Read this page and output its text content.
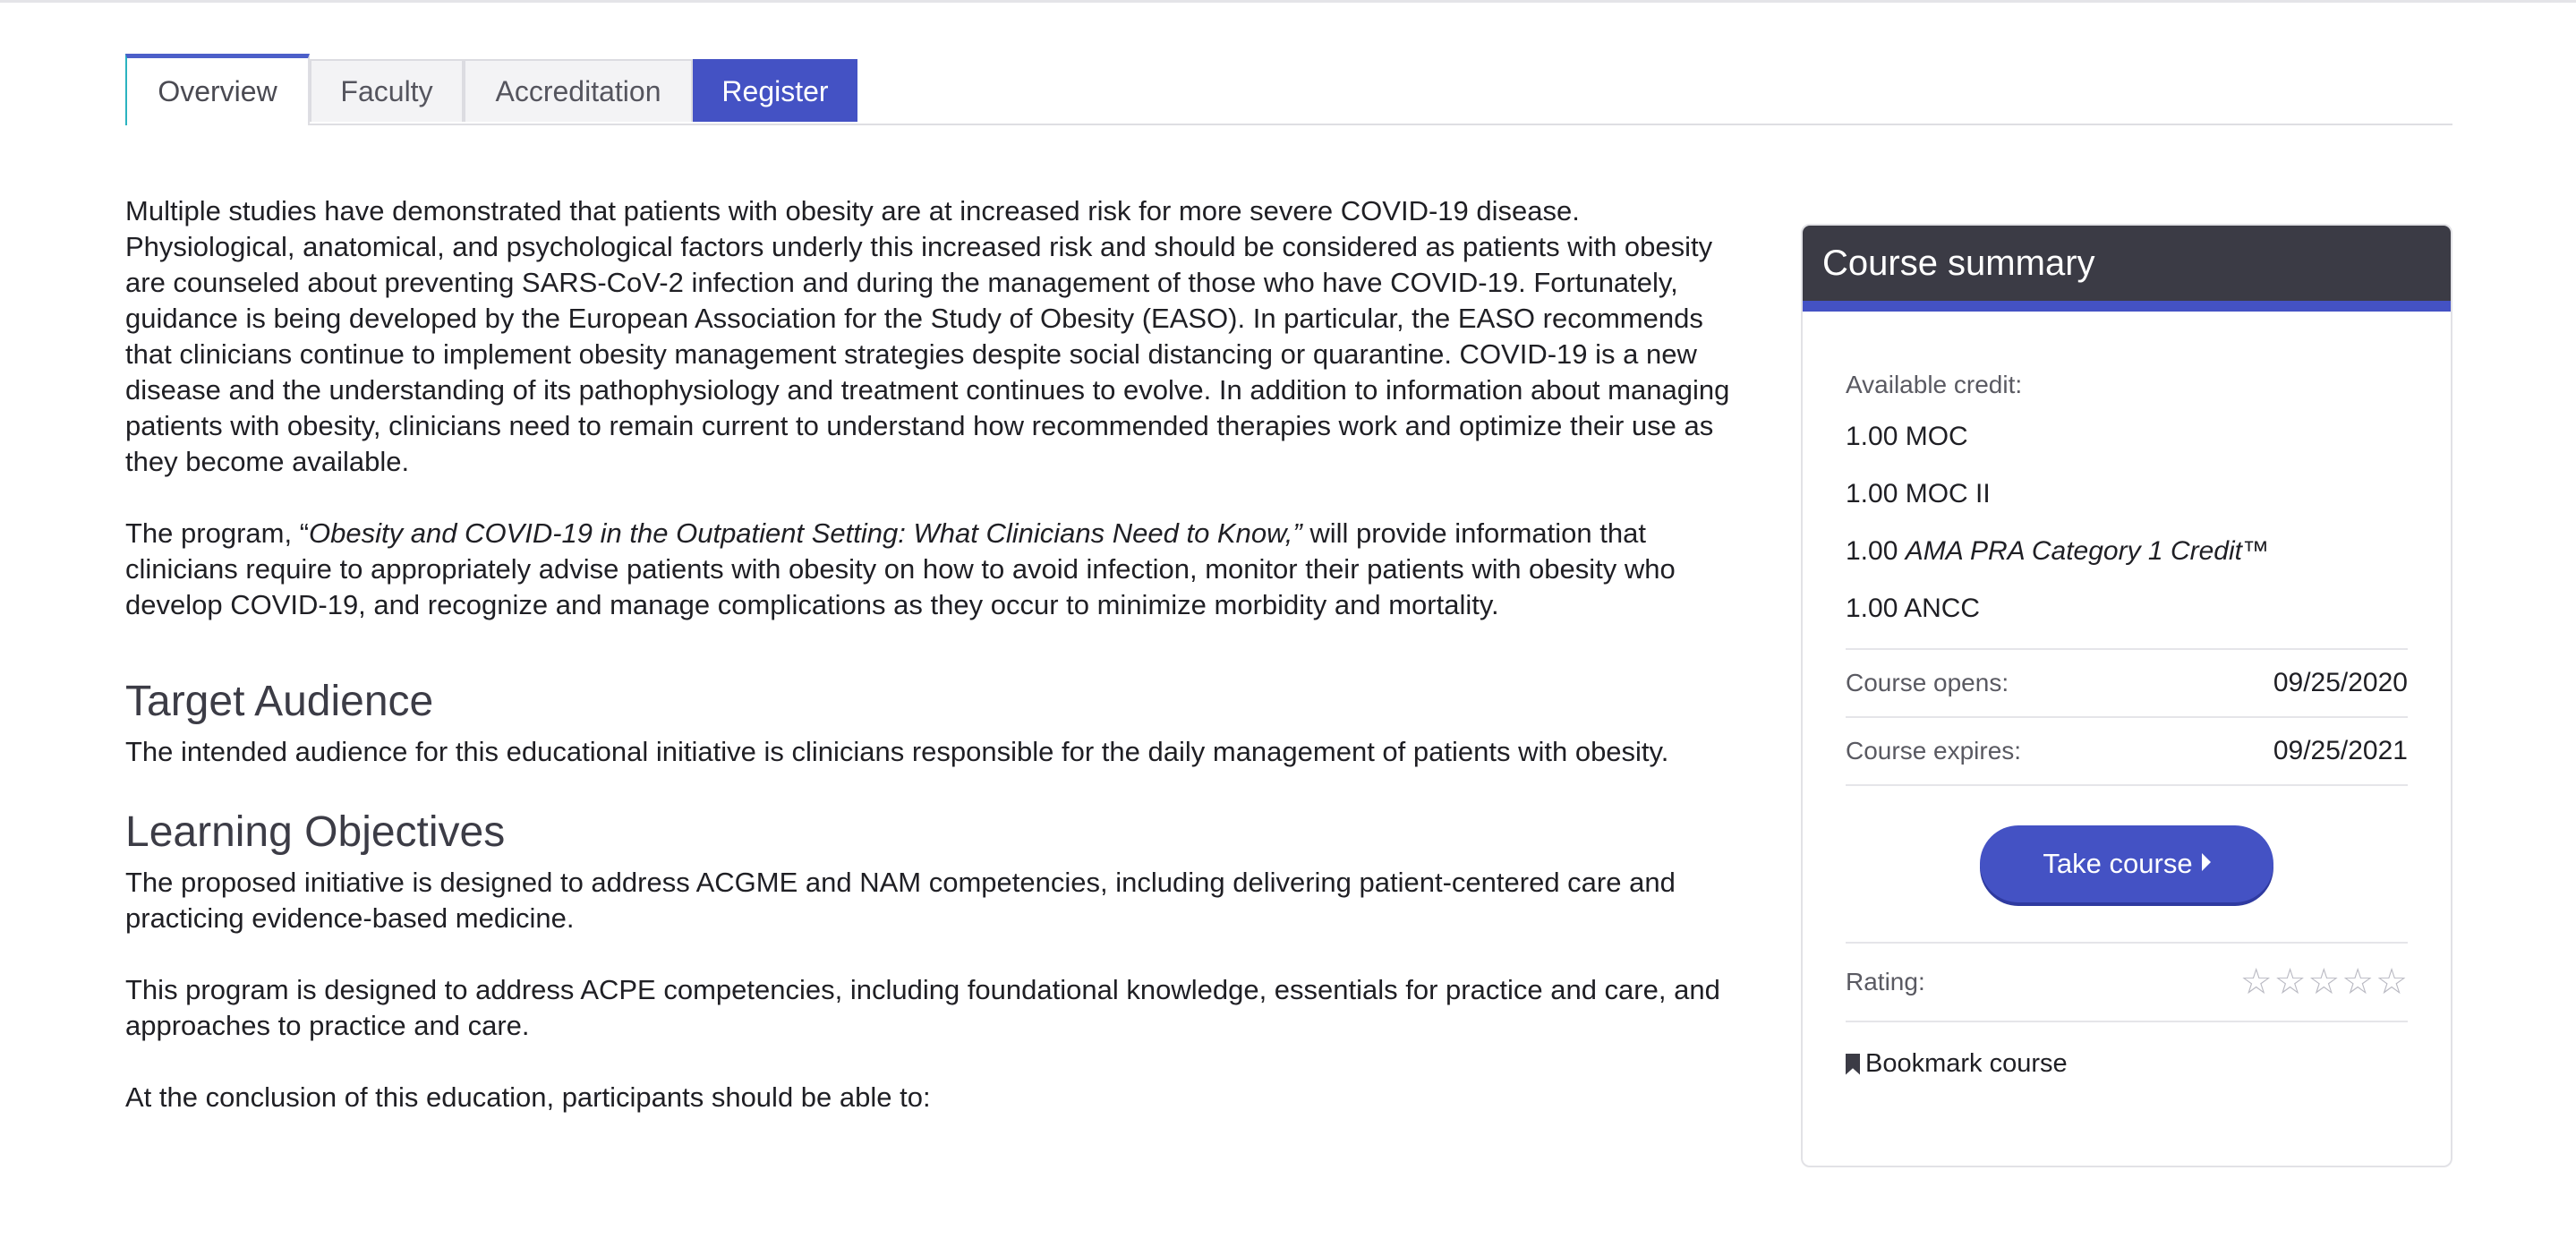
Overview	Faculty	Accreditation	Register

Multiple studies have demonstrated that patients with obesity are at increased risk for more severe COVID-19 disease. Physiological, anatomical, and psychological factors underly this increased risk and should be considered as patients with obesity are counseled about preventing SARS-CoV-2 infection and during the management of those who have COVID-19. Fortunately, guidance is being developed by the European Association for the Study of Obesity (EASO). In particular, the EASO recommends that clinicians continue to implement obesity management strategies despite social distancing or quarantine. COVID-19 is a new disease and the understanding of its pathophysiology and treatment continues to evolve. In addition to information about managing patients with obesity, clinicians need to remain current to understand how recommended therapies work and optimize their use as they become available.

The program, “Obesity and COVID-19 in the Outpatient Setting: What Clinicians Need to Know,” will provide information that clinicians require to appropriately advise patients with obesity on how to avoid infection, monitor their patients with obesity who develop COVID-19, and recognize and manage complications as they occur to minimize morbidity and mortality.

Target Audience

The intended audience for this educational initiative is clinicians responsible for the daily management of patients with obesity.

Learning Objectives

The proposed initiative is designed to address ACGME and NAM competencies, including delivering patient-centered care and practicing evidence-based medicine.

This program is designed to address ACPE competencies, including foundational knowledge, essentials for practice and care, and approaches to practice and care.

At the conclusion of this education, participants should be able to:

Course summary
Available credit:
1.00 MOC
1.00 MOC II
1.00 AMA PRA Category 1 Credit™
1.00 ANCC
Course opens:	09/25/2020
Course expires:	09/25/2021
Take course
Rating:	☆ ☆ ☆ ☆ ☆
Bookmark course
